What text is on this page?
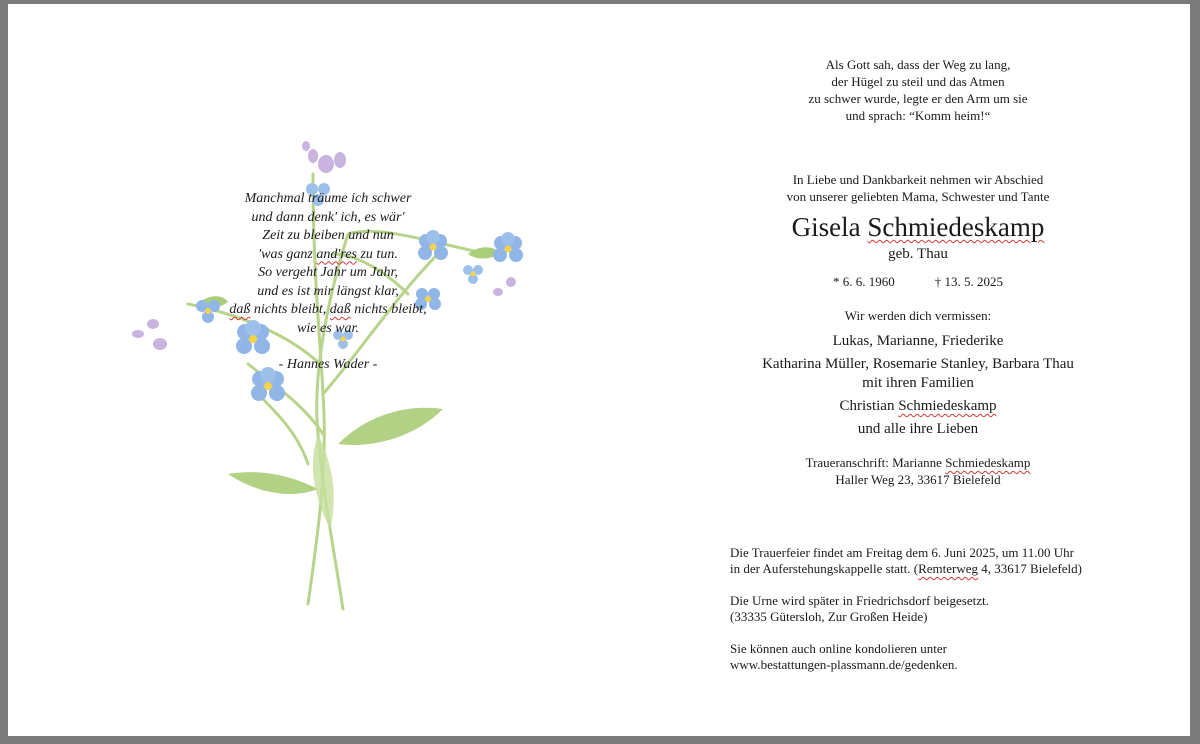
Manchmal träume ich schwer
und dann denk' ich, es wär'
Zeit zu bleiben und nun
'was ganz and'res zu tun.
So vergeht Jahr um Jahr,
und es ist mir längst klar,
daß nichts bleibt, daß nichts bleibt,
wie es war.
- Hannes Wader -
Als Gott sah, dass der Weg zu lang,
der Hügel zu steil und das Atmen
zu schwer wurde, legte er den Arm um sie
und sprach: “Komm heim!“
In Liebe und Dankbarkeit nehmen wir Abschied
von unserer geliebten Mama, Schwester und Tante
Gisela Schmiedeskamp
geb. Thau
* 6. 6. 1960	† 13. 5. 2025
Wir werden dich vermissen:
Lukas, Marianne, Friederike
Katharina Müller, Rosemarie Stanley, Barbara Thau
mit ihren Familien
Christian Schmiedeskamp
und alle ihre Lieben
Traueranschrift: Marianne Schmiedeskamp
Haller Weg 23, 33617 Bielefeld

Die Trauerfeier findet am Freitag dem 6. Juni 2025, um 11.00 Uhr
in der Auferstehungskappelle statt. (Remterweg 4, 33617 Bielefeld)

Die Urne wird später in Friedrichsdorf beigesetzt.
(33335 Gütersloh, Zur Großen Heide)

Sie können auch online kondolieren unter
www.bestattungen-plassmann.de/gedenken.
